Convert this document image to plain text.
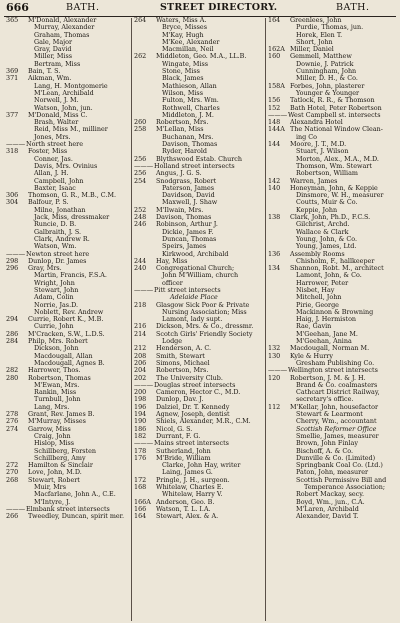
666	BATH.	STREET DIRECTORY.	BATH.
365	M'Donald, Alexander
Murray, Alexander
Graham, Thomas
Gale, Major
Gray, David
Miller, Miss
Bertram, Miss
369	Bain, T. S.
371	Aikman, Wm.
Lang, H. Montgomerie
M'Lean, Archibald
Norwell, J. M.
Watson, John, jun.
377	M'Donald, Miss C.
Brash, Walter
Reid, Miss M., milliner
Jones, Mrs.
——— North street here
318	Foster, Miss
Conner, Jas.
Davis, Mrs. Ovinius
Allan, J. H.
Campbell, John
Baxter, Isaac
306	Thomson, G. R., M.B., C.M.
304	Balfour, P. S.
Milne, Jonathan
Jack, Miss, dressmaker
Runcie, D. B.
Galbraith, J. S.
Clark, Andrew R.
Watson, Wm.
——— Newton street here
298	Dunlop, Dr. James
296	Gray, Mrs.
Martin, Francis, F.S.A.
Wright, John
Stewart, John
Adam, Colin
Norrie, Jas.D.
Noblett, Rev. Andrew
294	Currie, Robert K., M.B.
Currie, John
286	M'Cracken, S.W., L.D.S.
284	Philp, Mrs. Robert
Dickson, John
Macdougall, Allan
Macdougall, Agnes B.
282	Harrower, Thos.
280	Robertson, Thomas
M'Ewan, Mrs.
Rankin, Miss
Turnbull, John
Lang, Mrs.
278	Grant, Rev. James B.
276	M'Murray, Misses
274	Garrow, Miss
Craig, John
Hislop, Miss
Schillberg, Forsten
Schillberg, Amy
272	Hamilton & Sinclair
270	Love, John, M.D.
268	Stewart, Robert
Muir, Mrs
Macfarlane, John A., C.E.
M'Intyre, J.
——— Elmbank street intersects
266	Tweedley, Duncan, spirit mer.
264	Waters, Miss A.
Bryce, Misses
M'Kay, Hugh
M'Kee, Alexander
Macmillan, Neil
262	Middleton, Geo. M.A., LL.B.
Wingate, Miss
Stone, Miss
Black, James
Mathieson, Allan
Wilson, Miss
Fulton, Mrs. Wm.
Rothwell, Charles
Middleton, J. M.
260	Robertson, Mrs.
258	M'Lellan, Miss
Buchanan, Mrs.
Davison, Thomas
Ryder, Harold
256	Blythswood Estab. Church
——— Holland street intersects
256	Angus, J. G. S.
254	Snodgrass, Robert
Paterson, James
Davidson, David
Maxwell, J. Shaw
252	M'Ilwain, Mrs.
248	Davison, Thomas
246	Robinson, Arthur J.
Dickie, James F.
Duncan, Thomas
Speirs, James
Kirkwood, Archibald
244	Hay, Miss
240	Congregational Church;
John M'William, church
officer
——— Pitt street intersects
Adelaide Place
218	Glasgow Sick Poor & Private
Nursing Association; Miss
Lamont, lady supt.
216	Dickson, Mrs. & Co., dressmr.
214	Scotch Girls' Friendly Society
Lodge
212	Henderson, A. C.
208	Smith, Stewart
206	Simons, Michael
204	Robertson, Mrs.
202	The University Club.
——— Douglas street intersects
200	Cameron, Hector C., M.D.
198	Dunlop, Dav. J.
196	Dalziel, Dr. T. Kennedy
194	Agnew, Joseph, dentist
190	Shiels, Alexander, M.R., C.M.
186	Nicol, G. S.
182	Durrant, F. G.
——— Mains street intersects
178	Sutherland, John
176	M'Bride, William
Clarke, John Hay, writer
Laing, James G.
172	Pringle, J. H., surgeon.
168	Whitelaw, Charles E.
Whitelaw, Harry V.
166A Anderson, Geo. B.
166	Watson, T. L. I.A.
164	Stewart, Alex. & A.
164	Greenlees, John
Purdie, Thomas, jun.
Horek, Elen T.
Short, John
162A Miller, Daniel
160	Gemmell, Matthew
Downie, J. Patrick
Cunningham, John
Miller, D. H., & Co.
158A Forbes, John, plasterer
Younger & Younger
156	Tatlock, R. R., & Thomson
152	Bath Hotel, Peter Robertson
——— West Campbell st. intersects
148	Alexandra Hotel
144A The National Window Clean-
ing Co
144	Moore, J. T., M.D.
Stuart, J. Wilson
Morton, Alex., M.A., M.D.
Thomson, Wm. Stewart
Robertson, William
142	Warren, James
140	Honeyman, John, & Keppie
Dinsmore, W. H., measurer
Coutts, Muir & Co.
Keppie, John
138	Clark, John, Ph.D., F.C.S.
Gilchrist, Archd.
Wallace & Clark
Young, John, & Co.
Young, James, Ltd.
136	Assembly Rooms
Chisholm, F., hallkeeper
134	Shannon, Robt. M., architect
Lamont, John, & Co.
Harrower, Peter
Nisbet, Hay
Mitchell, John
Pirie, George
Mackinnon & Browning
Haig, J. Hermiston
Rae, Gavin
M'Geehan, Jane M.
M'Geehan, Anina
132	Macdougall, Norman M.
130	Kyle & Hurry
Gresham Publishing Co.
——— Wellington street intersects
120	Robertson, J. M. & J. H.
Brand & Co. coalmasters
Cathcart District Railway,
secretary's office.
112	M'Kellar, John, housefactor
Stewart & Learmont
Cherry, Wm., accountant
Scottish Reformer Office
Smellie, James, measurer
Brown, John Finlay
Bischoff, A. & Co.
Dunville & Co. (Limited)
Springbank Coal Co. (Ltd.)
Paton, John, measurer
Scottish Permissive Bill and
Temperance Association;
Robert Mackay, secy.
Boyd, Wm., jun., C.A.
M'Laren, Archibald
Alexander, David T.
